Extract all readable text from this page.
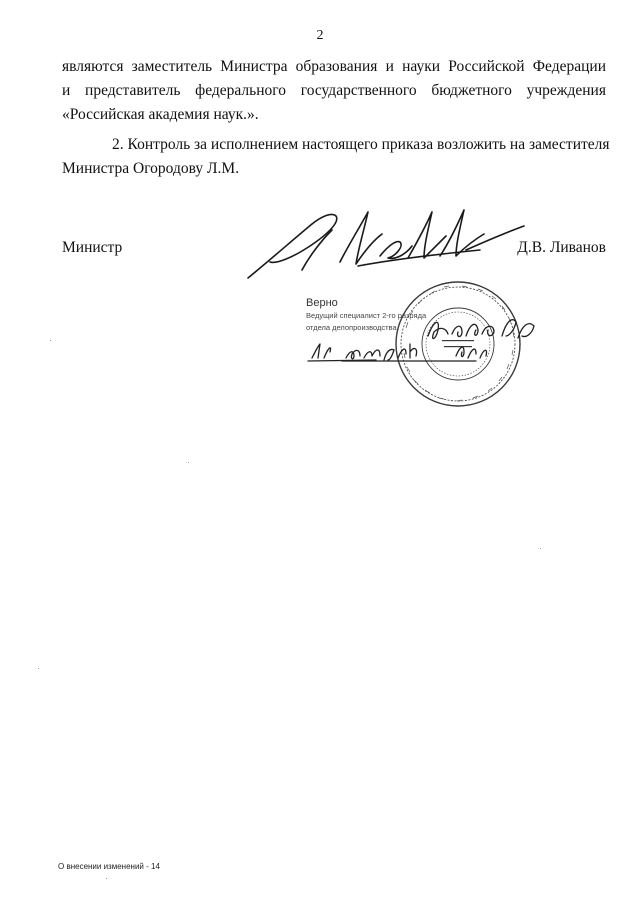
2
являются заместитель Министра образования и науки Российской Федерации
и представитель федерального государственного бюджетного учреждения
«Российская академия наук.».
2. Контроль за исполнением настоящего приказа возложить на заместителя
Министра Огородову Л.М.
Министр	Д.В. Ливанов
Верно
Ведущий специалист 2-го разряда
отдела делопроизводства
О внесении изменений - 14
